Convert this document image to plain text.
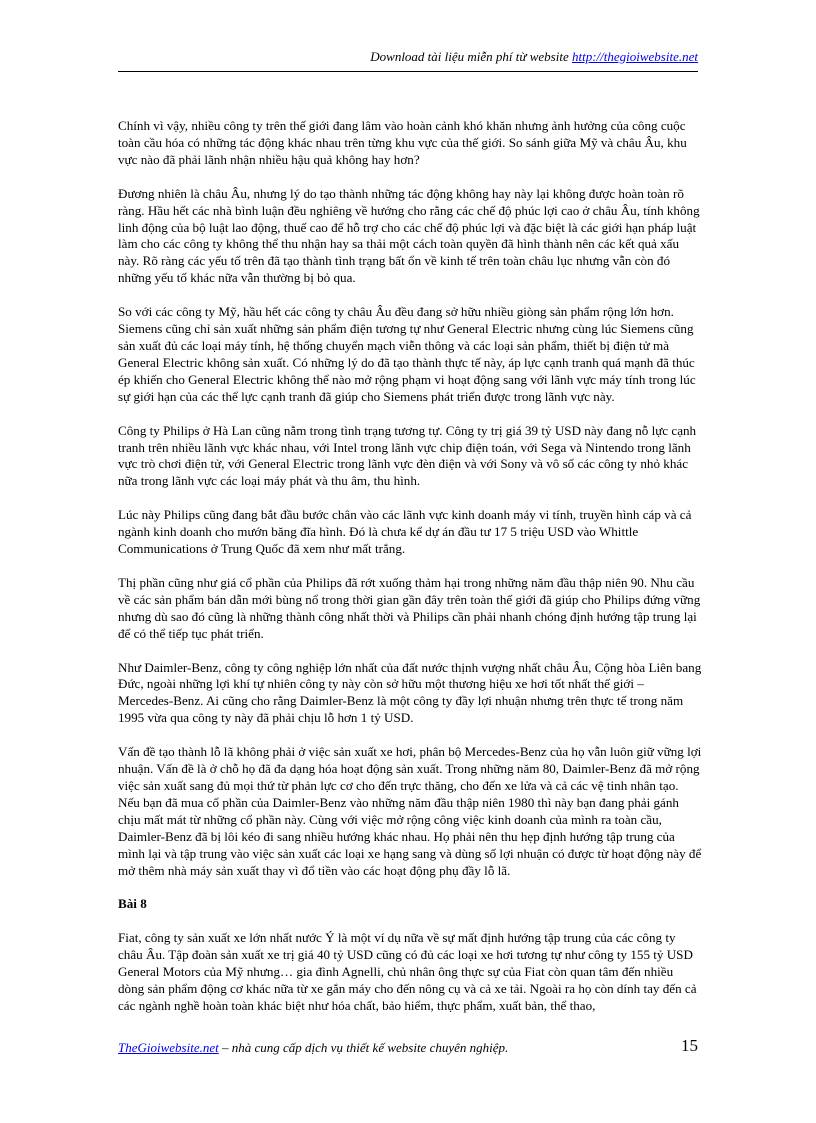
Download tài liệu miễn phí từ website http://thegioiwebsite.net

Chính vì vậy, nhiều công ty trên thế giới đang lâm vào hoàn cảnh khó khăn nhưng ảnh hưởng của công cuộc toàn cầu hóa có những tác động khác nhau trên từng khu vực của thế giới. So sánh giữa Mỹ và châu Âu, khu vực nào đã phải lãnh nhận nhiều hậu quả không hay hơn?

Đương nhiên là châu Âu, nhưng lý do tạo thành những tác động không hay này lại không được hoàn toàn rõ ràng. Hầu hết các nhà bình luận đều nghiêng về hướng cho rằng các chế độ phúc lợi cao ở châu Âu, tính không linh động của bộ luật lao động, thuế cao để hỗ trợ cho các chế độ phúc lợi và đặc biệt là các giới hạn pháp luật làm cho các công ty không thể thu nhận hay sa thải một cách toàn quyền đã hình thành nên các kết quả xấu này. Rõ ràng các yếu tố trên đã tạo thành tình trạng bất ổn về kinh tế trên toàn châu lục nhưng vẫn còn đó những yếu tố khác nữa vẫn thường bị bỏ qua.

So với các công ty Mỹ, hầu hết các công ty châu Âu đều đang sở hữu nhiều giòng sản phẩm rộng lớn hơn. Siemens cũng chỉ sản xuất những sản phẩm điện tương tự như General Electric nhưng cùng lúc Siemens cũng sản xuất đủ các loại máy tính, hệ thống chuyển mạch viễn thông và các loại sản phẩm, thiết bị điện tử mà General Electric không sản xuất. Có những lý do đã tạo thành thực tế này, áp lực cạnh tranh quá mạnh đã thúc ép khiến cho General Electric không thể nào mở rộng phạm vi hoạt động sang với lãnh vực máy tính trong lúc sự giới hạn của các thể lực cạnh tranh đã giúp cho Siemens phát triển được trong lãnh vực này.

Công ty Philips ở Hà Lan cũng nằm trong tình trạng tương tự. Công ty trị giá 39 tỷ USD này đang nỗ lực cạnh tranh trên nhiều lãnh vực khác nhau, với Intel trong lãnh vực chip điện toán, với Sega và Nintendo trong lãnh vực trò chơi điện tử, với General Electric trong lãnh vực đèn điện và với Sony và vô số các công ty nhỏ khác nữa trong lãnh vực các loại máy phát và thu âm, thu hình.

Lúc này Philips cũng đang bắt đầu bước chân vào các lãnh vực kinh doanh máy vi tính, truyền hình cáp và cả ngành kinh doanh cho mướn băng đĩa hình. Đó là chưa kể dự án đầu tư 17 5 triệu USD vào Whittle Communications ở Trung Quốc đã xem như mất trắng.

Thị phần cũng như giá cổ phần của Philips đã rớt xuống thảm hại trong những năm đầu thập niên 90. Nhu cầu về các sản phẩm bán dẫn mới bùng nổ trong thời gian gần đây trên toàn thế giới đã giúp cho Philips đứng vững nhưng dù sao đó cũng là những thành công nhất thời và Philips cần phải nhanh chóng định hướng tập trung lại để có thể tiếp tục phát triển.

Như Daimler-Benz, công ty công nghiệp lớn nhất của đất nước thịnh vượng nhất châu Âu, Cộng hòa Liên bang Đức, ngoài những lợi khí tự nhiên công ty này còn sở hữu một thương hiệu xe hơi tốt nhất thế giới – Mercedes-Benz. Ai cũng cho rằng Daimler-Benz là một công ty đầy lợi nhuận nhưng trên thực tế trong năm 1995 vừa qua công ty này đã phải chịu lỗ hơn 1 tỷ USD.

Vấn đề tạo thành lỗ lã không phải ở việc sản xuất xe hơi, phân bộ Mercedes-Benz của họ vẫn luôn giữ vững lợi nhuận. Vấn đề là ở chỗ họ đã đa dạng hóa hoạt động sản xuất. Trong những năm 80, Daimler-Benz đã mở rộng việc sản xuất sang đủ mọi thứ từ phản lực cơ cho đến trực thăng, cho đến xe lửa và cả các vệ tinh nhân tạo. Nếu bạn đã mua cổ phần của Daimler-Benz vào những năm đầu thập niên 1980 thì này bạn đang phải gánh chịu mất mát từ những cổ phần này. Cùng với việc mở rộng công việc kinh doanh của mình ra toàn cầu, Daimler-Benz đã bị lôi kéo đi sang nhiều hướng khác nhau. Họ phải nên thu hẹp định hướng tập trung của mình lại và tập trung vào việc sản xuất các loại xe hạng sang và dùng số lợi nhuận có được từ hoạt động này để mở thêm nhà máy sản xuất thay vì đổ tiền vào các hoạt động phụ đầy lỗ lã.

Bài 8

Fiat, công ty sản xuất xe lớn nhất nước Ý là một ví dụ nữa về sự mất định hướng tập trung của các công ty châu Âu. Tập đoàn sản xuất xe trị giá 40 tỷ USD cũng có đủ các loại xe hơi tương tự như công ty 155 tỷ USD General Motors của Mỹ nhưng… gia đình Agnelli, chủ nhân ông thực sự của Fiat còn quan tâm đến nhiều dòng sản phẩm động cơ khác nữa từ xe gắn máy cho đến nông cụ và cả xe tải. Ngoài ra họ còn dính tay đến cả các ngành nghề hoàn toàn khác biệt như hóa chất, bảo hiểm, thực phẩm, xuất bản, thể thao,

TheGioiwebsite.net – nhà cung cấp dịch vụ thiết kế website chuyên nghiệp.	15
